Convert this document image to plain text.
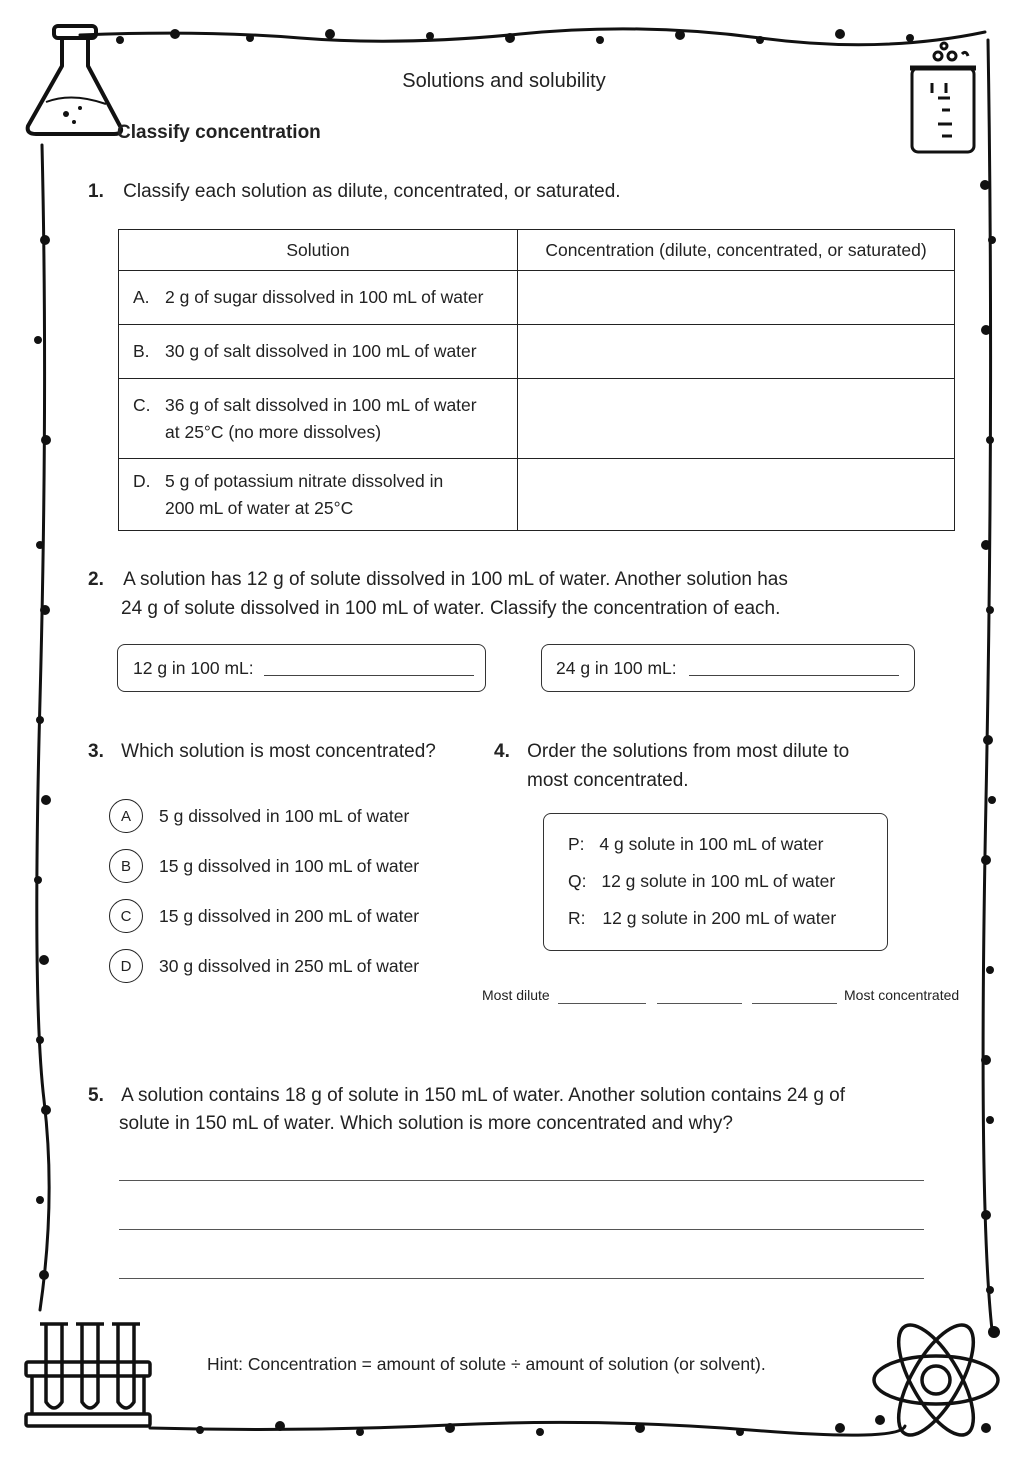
Solutions and solubility
Classify concentration
1. Classify each solution as dilute, concentrated, or saturated.
Solution	Concentration (dilute, concentrated, or saturated)
A. 2 g of sugar dissolved in 100 mL of water	
B. 30 g of salt dissolved in 100 mL of water	
C. 36 g of salt dissolved in 100 mL of water
at 25°C (no more dissolves)	
D. 5 g of potassium nitrate dissolved in
200 mL of water at 25°C	
2. A solution has 12 g of solute dissolved in 100 mL of water. Another solution has
24 g of solute dissolved in 100 mL of water. Classify the concentration of each.
12 g in 100 mL:	24 g in 100 mL:
3. Which solution is most concentrated?
A	5 g dissolved in 100 mL of water
B	15 g dissolved in 100 mL of water
C	15 g dissolved in 200 mL of water
D	30 g dissolved in 250 mL of water
4. Order the solutions from most dilute to
most concentrated.
P: 4 g solute in 100 mL of water
Q: 12 g solute in 100 mL of water
R: 12 g solute in 200 mL of water
Most dilute	Most concentrated
5. A solution contains 18 g of solute in 150 mL of water. Another solution contains 24 g of
solute in 150 mL of water. Which solution is more concentrated and why?
Hint: Concentration = amount of solute ÷ amount of solution (or solvent).
